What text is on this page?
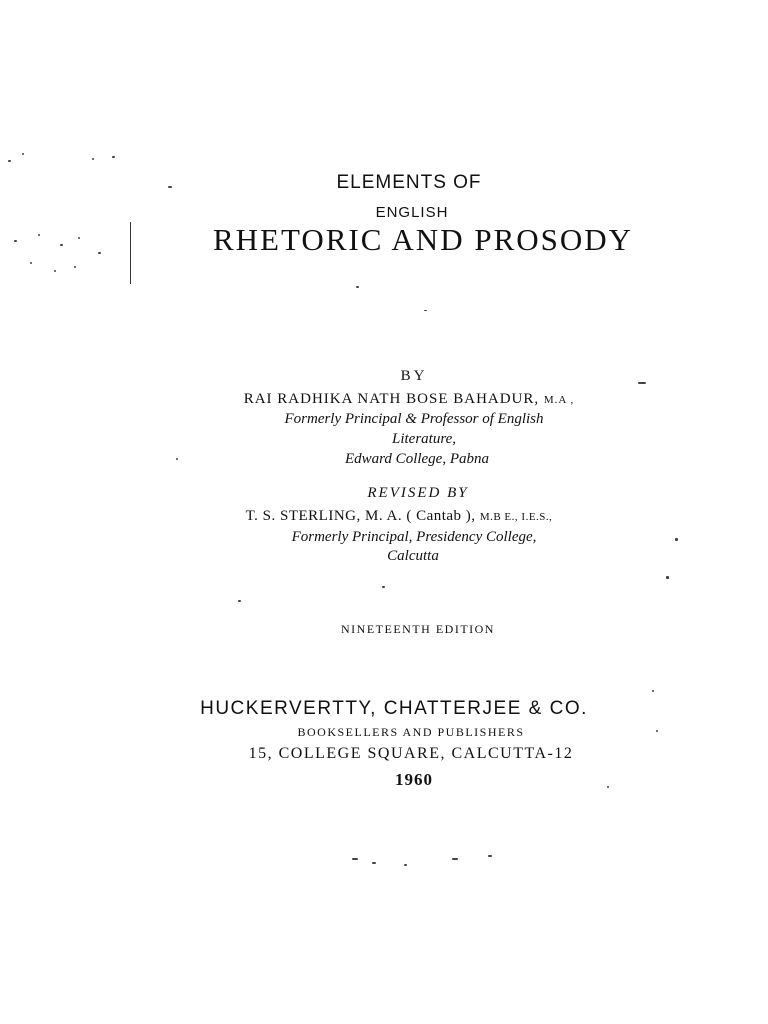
ELEMENTS OF
ENGLISH
RHETORIC AND PROSODY
BY
RAI RADHIKA NATH BOSE BAHADUR, M.A ,
Formerly Principal & Professor of English
Literature,
Edward College, Pabna
REVISED BY
T. S. STERLING, M. A. ( Cantab ), M.B E., I.E.S.,
Formerly Principal, Presidency College,
Calcutta
NINETEENTH EDITION
HUCKERVERTTY, CHATTERJEE & CO.
BOOKSELLERS AND PUBLISHERS
15, COLLEGE SQUARE, CALCUTTA-12
1960
